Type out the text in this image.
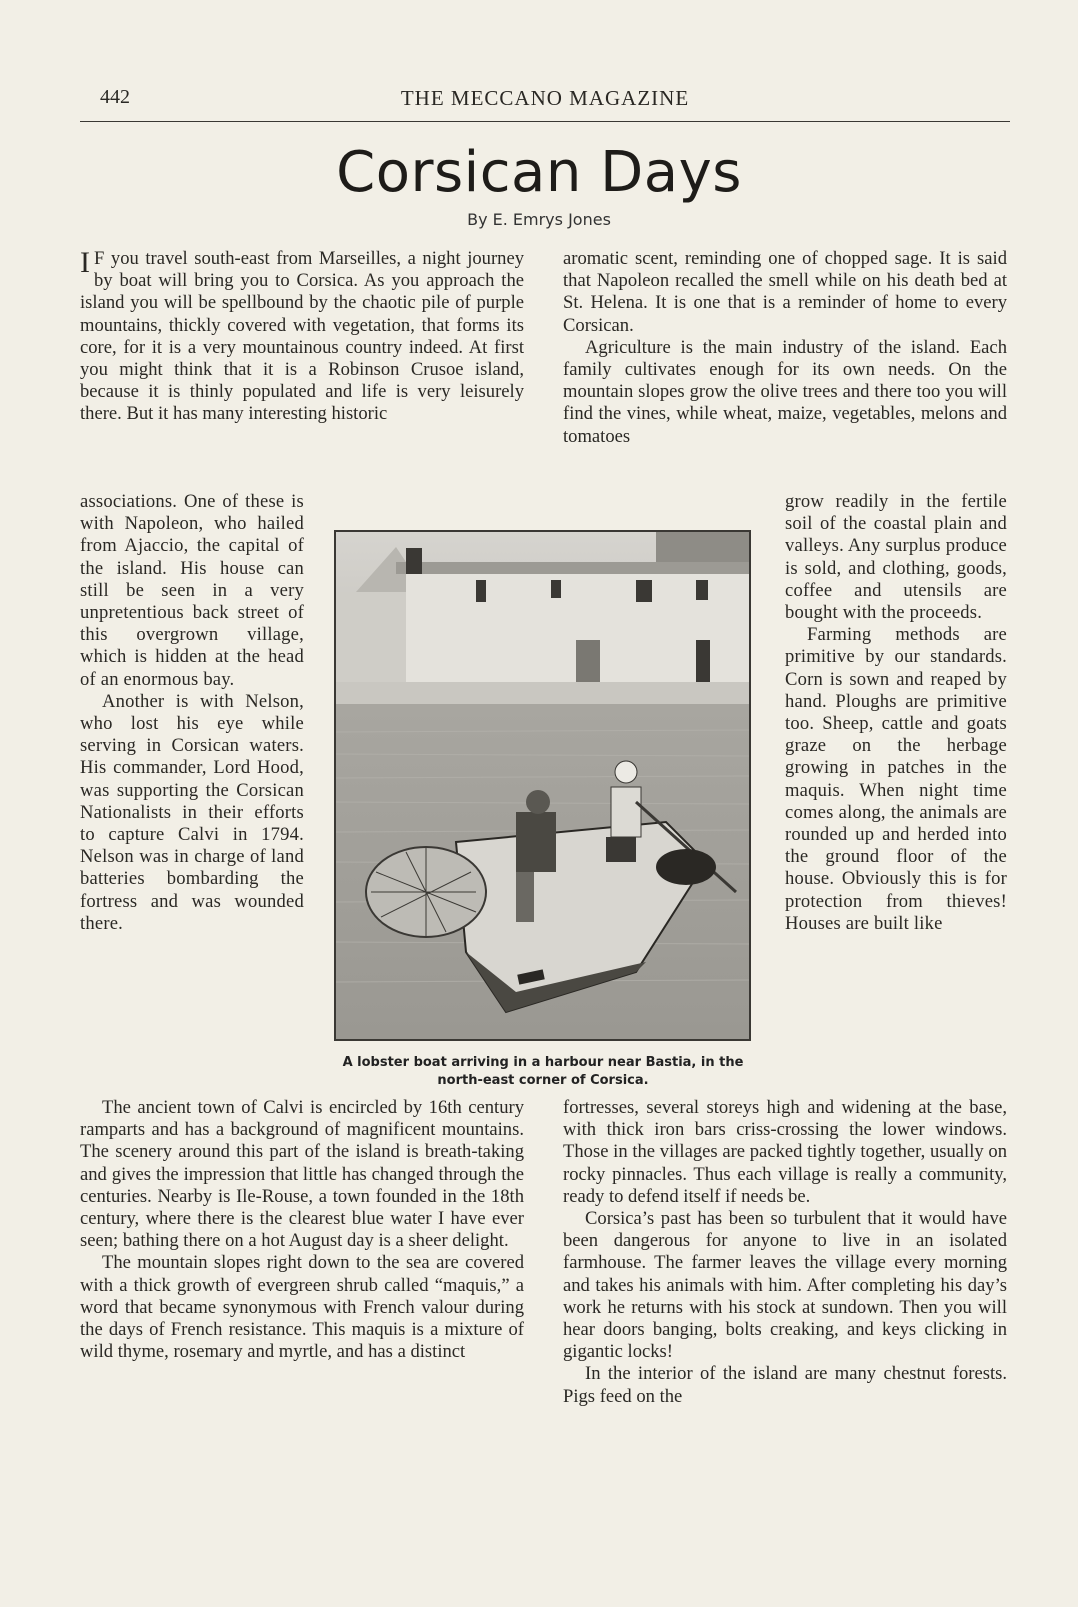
442	THE MECCANO MAGAZINE
Corsican Days
By E. Emrys Jones

I F you travel south-east from Marseilles, a night journey by boat will bring you to Corsica. As you approach the island you will be spellbound by the chaotic pile of purple mountains, thickly covered with vegetation, that forms its core, for it is a very mountainous country indeed. At first you might think that it is a Robinson Crusoe island, because it is thinly populated and life is very leisurely there. But it has many interesting historic

associations. One of these is with Napoleon, who hailed from Ajaccio, the capital of the island. His house can still be seen in a very unpretentious back street of this overgrown village, which is hidden at the head of an enormous bay.

Another is with Nelson, who lost his eye while serving in Corsican waters. His commander, Lord Hood, was supporting the Corsican Nationalists in their efforts to capture Calvi in 1794. Nelson was in charge of land batteries bombarding the fortress and was wounded there.

The ancient town of Calvi is encircled by 16th century ramparts and has a background of magnificent mountains. The scenery around this part of the island is breath-taking and gives the impression that little has changed through the centuries. Nearby is Ile-Rouse, a town founded in the 18th century, where there is the clearest blue water I have ever seen; bathing there on a hot August day is a sheer delight.

The mountain slopes right down to the sea are covered with a thick growth of evergreen shrub called “maquis,” a word that became synonymous with French valour during the days of French resistance. This maquis is a mixture of wild thyme, rosemary and myrtle, and has a distinct

aromatic scent, reminding one of chopped sage. It is said that Napoleon recalled the smell while on his death bed at St. Helena. It is one that is a reminder of home to every Corsican.

Agriculture is the main industry of the island. Each family cultivates enough for its own needs. On the mountain slopes grow the olive trees and there too you will find the vines, while wheat, maize, vegetables, melons and tomatoes

grow readily in the fertile soil of the coastal plain and valleys. Any surplus produce is sold, and clothing, goods, coffee and utensils are bought with the proceeds.

Farming methods are primitive by our standards. Corn is sown and reaped by hand. Ploughs are primitive too. Sheep, cattle and goats graze on the herbage growing in patches in the maquis. When night time comes along, the animals are rounded up and herded into the ground floor of the house. Obviously this is for protection from thieves! Houses are built like

fortresses, several storeys high and widening at the base, with thick iron bars criss-crossing the lower windows. Those in the villages are packed tightly together, usually on rocky pinnacles. Thus each village is really a community, ready to defend itself if needs be.

Corsica’s past has been so turbulent that it would have been dangerous for anyone to live in an isolated farmhouse. The farmer leaves the village every morning and takes his animals with him. After completing his day’s work he returns with his stock at sundown. Then you will hear doors banging, bolts creaking, and keys clicking in gigantic locks!

In the interior of the island are many chestnut forests. Pigs feed on the

A lobster boat arriving in a harbour near Bastia, in the north-east corner of Corsica.
